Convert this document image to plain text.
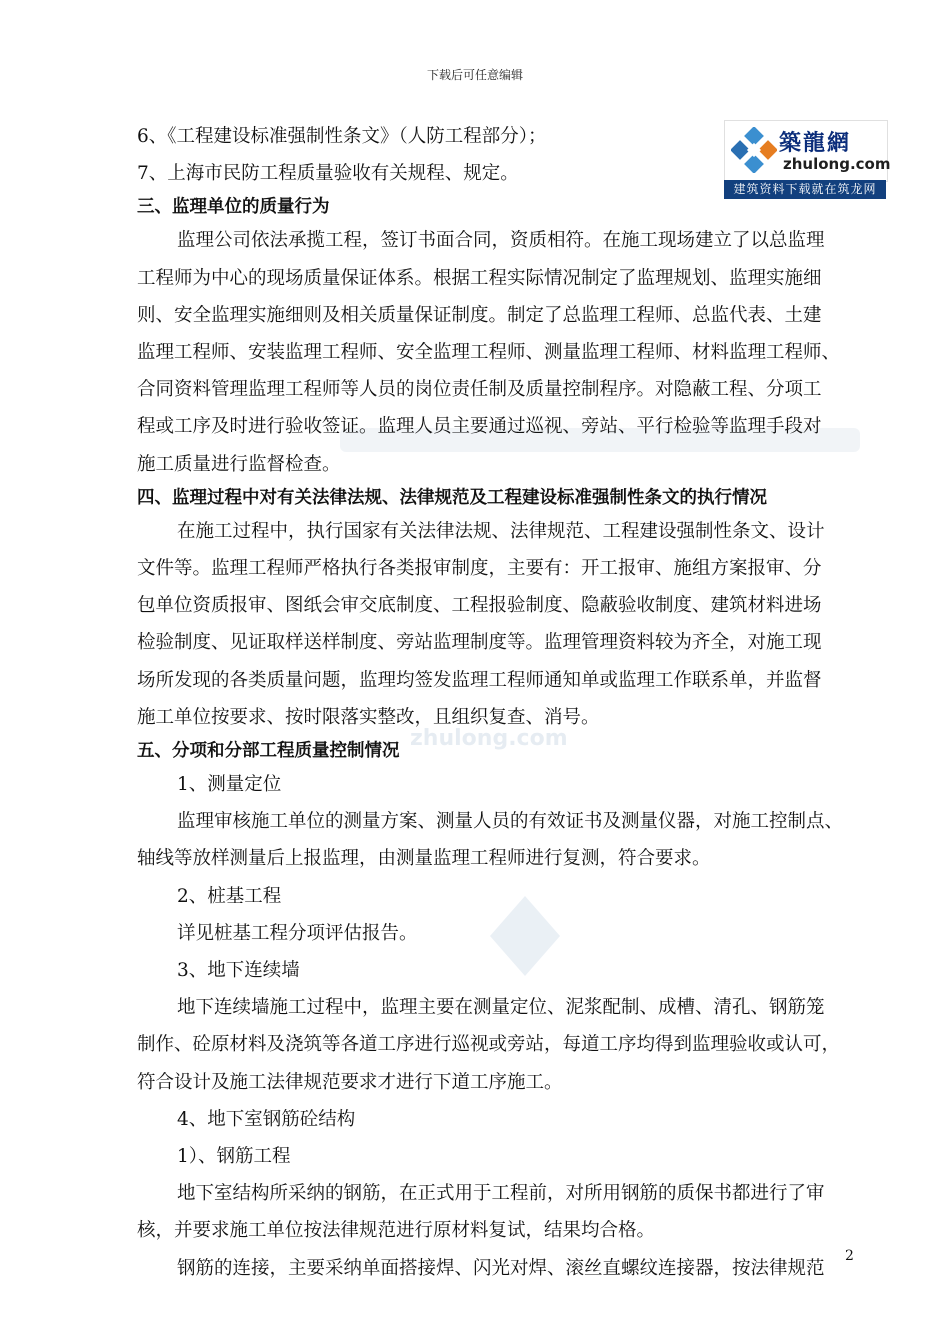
下载后可任意编辑
築龍網
zhulong.com
建筑资料下载就在筑龙网
zhulong.com
6、《工程建设标准强制性条文》（人防工程部分）；
7、上海市民防工程质量验收有关规程、规定。
三、监理单位的质量行为
监理公司依法承揽工程，签订书面合同，资质相符。在施工现场建立了以总监理
工程师为中心的现场质量保证体系。根据工程实际情况制定了监理规划、监理实施细
则、安全监理实施细则及相关质量保证制度。制定了总监理工程师、总监代表、土建
监理工程师、安装监理工程师、安全监理工程师、测量监理工程师、材料监理工程师、
合同资料管理监理工程师等人员的岗位责任制及质量控制程序。对隐蔽工程、分项工
程或工序及时进行验收签证。监理人员主要通过巡视、旁站、平行检验等监理手段对
施工质量进行监督检查。
四、监理过程中对有关法律法规、法律规范及工程建设标准强制性条文的执行情况
在施工过程中，执行国家有关法律法规、法律规范、工程建设强制性条文、设计
文件等。监理工程师严格执行各类报审制度，主要有：开工报审、施组方案报审、分
包单位资质报审、图纸会审交底制度、工程报验制度、隐蔽验收制度、建筑材料进场
检验制度、见证取样送样制度、旁站监理制度等。监理管理资料较为齐全，对施工现
场所发现的各类质量问题，监理均签发监理工程师通知单或监理工作联系单，并监督
施工单位按要求、按时限落实整改，且组织复查、消号。
五、分项和分部工程质量控制情况
1、测量定位
监理审核施工单位的测量方案、测量人员的有效证书及测量仪器，对施工控制点、
轴线等放样测量后上报监理，由测量监理工程师进行复测，符合要求。
2、桩基工程
详见桩基工程分项评估报告。
3、地下连续墙
地下连续墙施工过程中，监理主要在测量定位、泥浆配制、成槽、清孔、钢筋笼
制作、砼原材料及浇筑等各道工序进行巡视或旁站，每道工序均得到监理验收或认可，
符合设计及施工法律规范要求才进行下道工序施工。
4、地下室钢筋砼结构
1）、钢筋工程
地下室结构所采纳的钢筋，在正式用于工程前，对所用钢筋的质保书都进行了审
核，并要求施工单位按法律规范进行原材料复试，结果均合格。
钢筋的连接，主要采纳单面搭接焊、闪光对焊、滚丝直螺纹连接器，按法律规范
2
